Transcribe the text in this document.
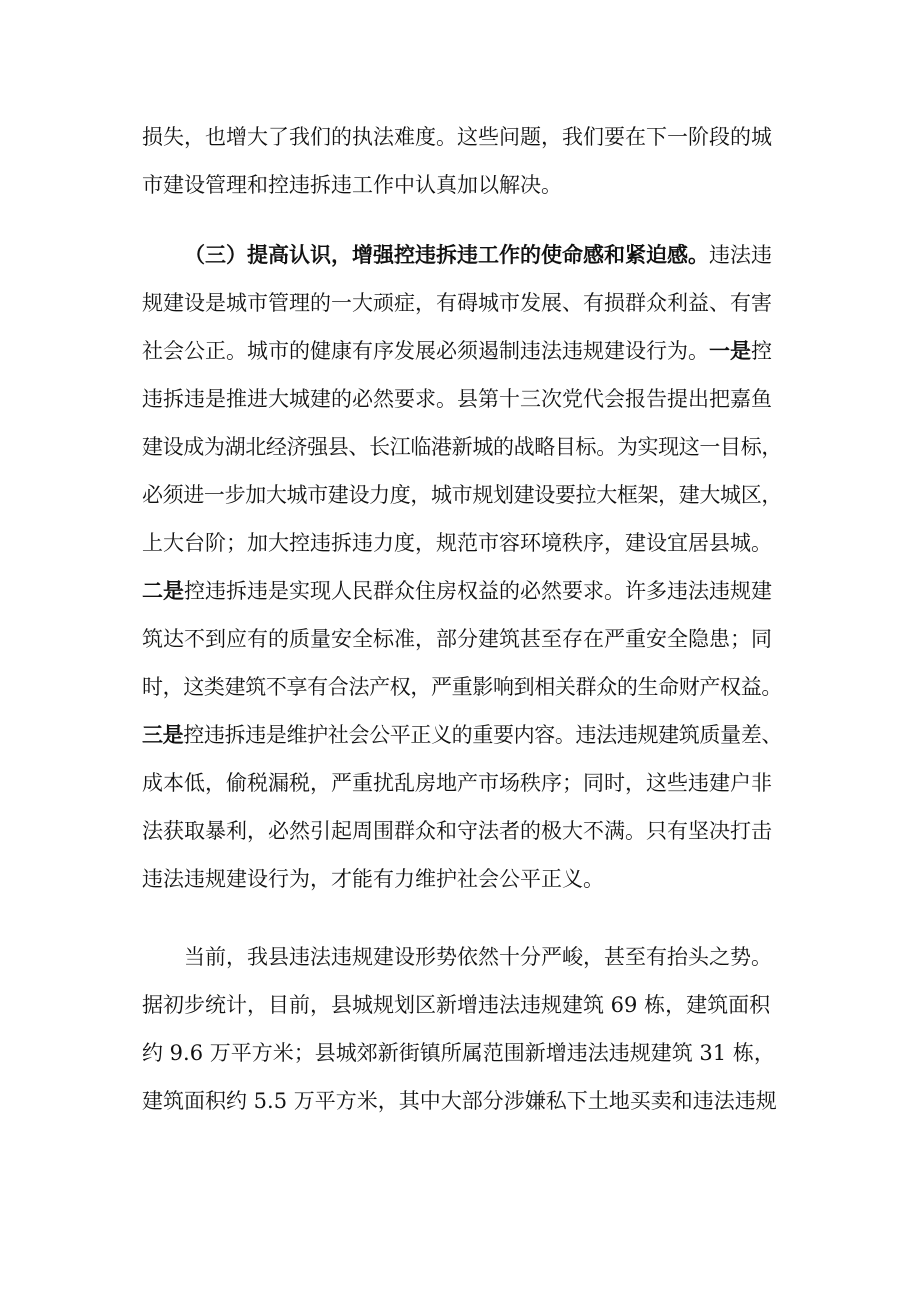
损失，也增大了我们的执法难度。这些问题，我们要在下一阶段的城
市建设管理和控违拆违工作中认真加以解决。
（三）提高认识，增强控违拆违工作的使命感和紧迫感。违法违
规建设是城市管理的一大顽症，有碍城市发展、有损群众利益、有害
社会公正。城市的健康有序发展必须遏制违法违规建设行为。一是控
违拆违是推进大城建的必然要求。县第十三次党代会报告提出把嘉鱼
建设成为湖北经济强县、长江临港新城的战略目标。为实现这一目标，
必须进一步加大城市建设力度，城市规划建设要拉大框架，建大城区，
上大台阶；加大控违拆违力度，规范市容环境秩序，建设宜居县城。
二是控违拆违是实现人民群众住房权益的必然要求。许多违法违规建
筑达不到应有的质量安全标准，部分建筑甚至存在严重安全隐患；同
时，这类建筑不享有合法产权，严重影响到相关群众的生命财产权益。
三是控违拆违是维护社会公平正义的重要内容。违法违规建筑质量差、
成本低，偷税漏税，严重扰乱房地产市场秩序；同时，这些违建户非
法获取暴利，必然引起周围群众和守法者的极大不满。只有坚决打击
违法违规建设行为，才能有力维护社会公平正义。
当前，我县违法违规建设形势依然十分严峻，甚至有抬头之势。
据初步统计，目前，县城规划区新增违法违规建筑 69 栋，建筑面积
约 9.6 万平方米；县城郊新街镇所属范围新增违法违规建筑 31 栋，
建筑面积约 5.5 万平方米，其中大部分涉嫌私下土地买卖和违法违规
